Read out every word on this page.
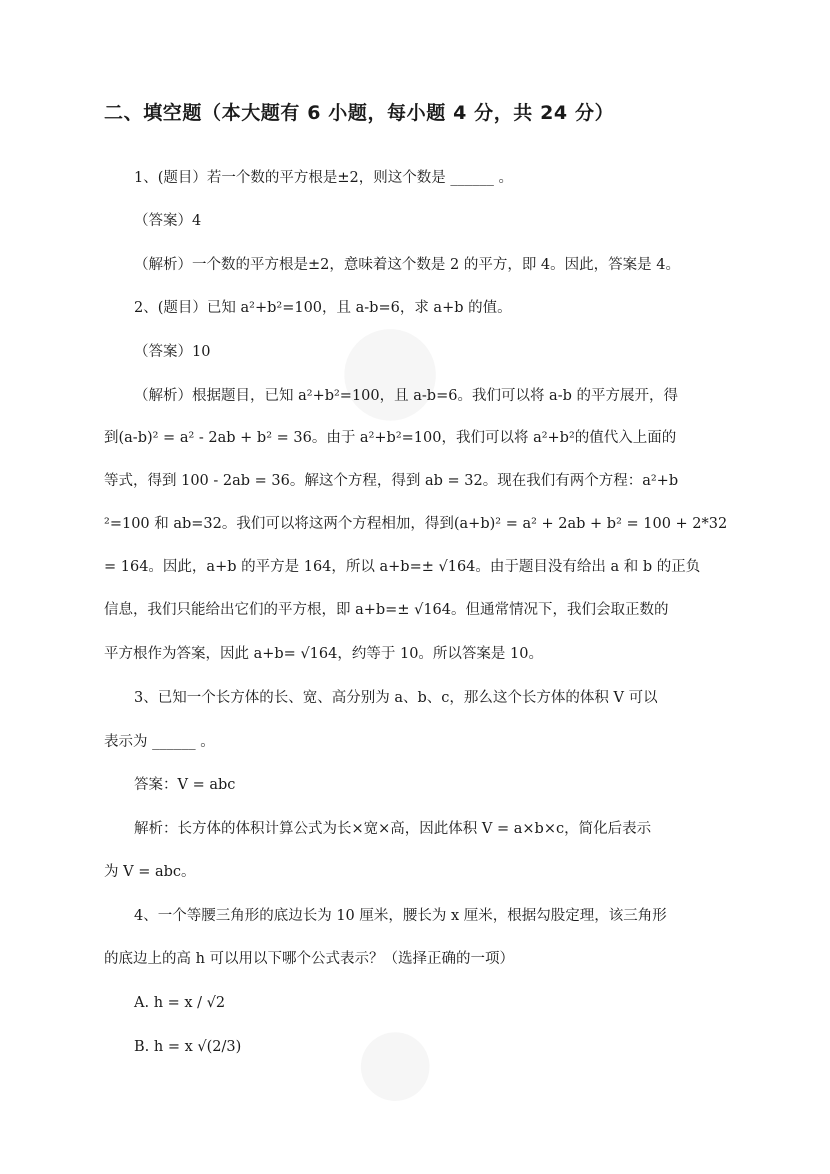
二、填空题（本大题有 6 小题，每小题 4 分，共 24 分）
1、(题目）若一个数的平方根是±2，则这个数是 ______ 。
（答案）4
（解析）一个数的平方根是±2，意味着这个数是 2 的平方，即 4。因此，答案是 4。
2、(题目）已知 a²+b²=100，且 a-b=6，求 a+b 的值。
（答案）10
（解析）根据题目，已知 a²+b²=100，且 a-b=6。我们可以将 a-b 的平方展开，得
到(a-b)² = a² - 2ab + b² = 36。由于 a²+b²=100，我们可以将 a²+b²的值代入上面的
等式，得到 100 - 2ab = 36。解这个方程，得到 ab = 32。现在我们有两个方程：a²+b
²=100 和 ab=32。我们可以将这两个方程相加，得到(a+b)² = a² + 2ab + b² = 100 + 2*32
= 164。因此，a+b 的平方是 164，所以 a+b=± √164。由于题目没有给出 a 和 b 的正负
信息，我们只能给出它们的平方根，即 a+b=± √164。但通常情况下，我们会取正数的
平方根作为答案，因此 a+b= √164，约等于 10。所以答案是 10。
3、已知一个长方体的长、宽、高分别为 a、b、c，那么这个长方体的体积 V 可以
表示为 ______ 。
答案：V = abc
解析：长方体的体积计算公式为长×宽×高，因此体积 V = a×b×c，简化后表示
为 V = abc。
4、一个等腰三角形的底边长为 10 厘米，腰长为 x 厘米，根据勾股定理，该三角形
的底边上的高 h 可以用以下哪个公式表示？（选择正确的一项）
A. h = x / √2
B. h = x √(2/3)
